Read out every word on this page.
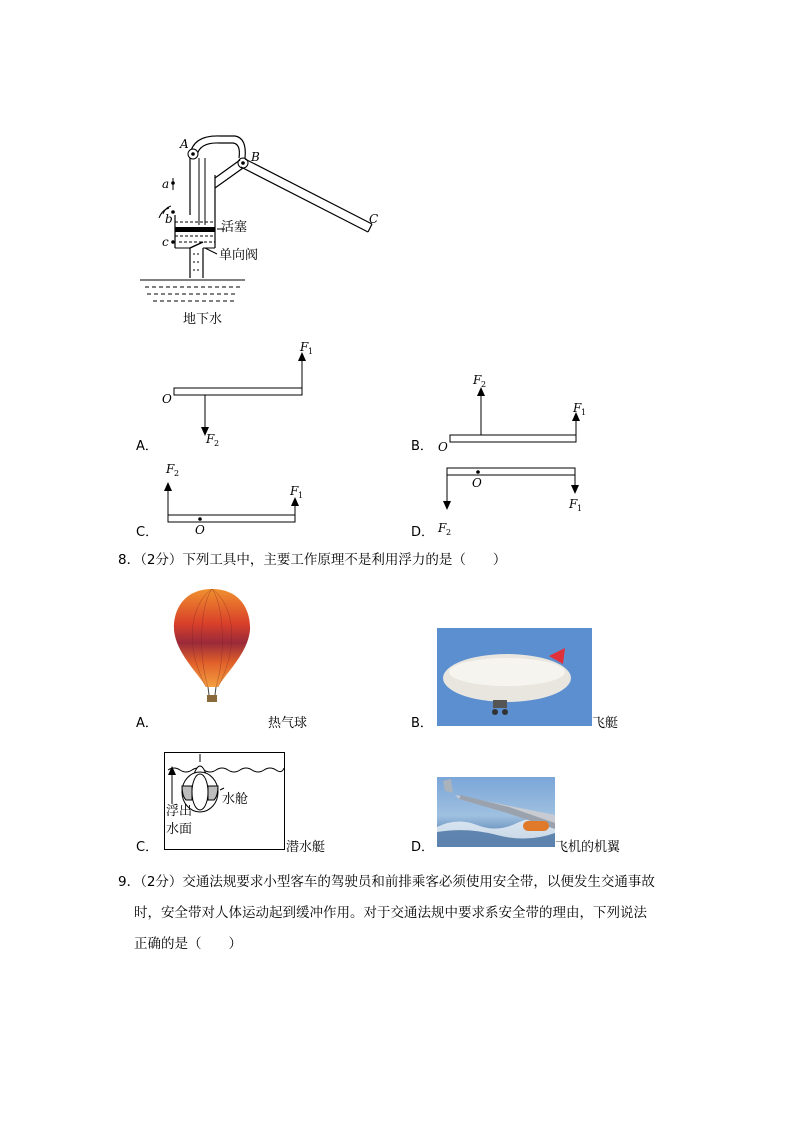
A
B
C
a
b
c
活塞
单向阀
地下水
A．
O
F 1
F 2	B． O
F 2
F 1
C．	O
F 2
F 1
D．
O
F 2
F 1
8．（2分）下列工具中，主要工作原理不是利用浮力的是（　　）
A．	热气球	B．	飞艇
C．
浮出
水面
水舱
潜水艇	D．	飞机的机翼
9．（2分）交通法规要求小型客车的驾驶员和前排乘客必须使用安全带，以便发生交通事故
时，安全带对人体运动起到缓冲作用。对于交通法规中要求系安全带的理由，下列说法
正确的是（　　）
